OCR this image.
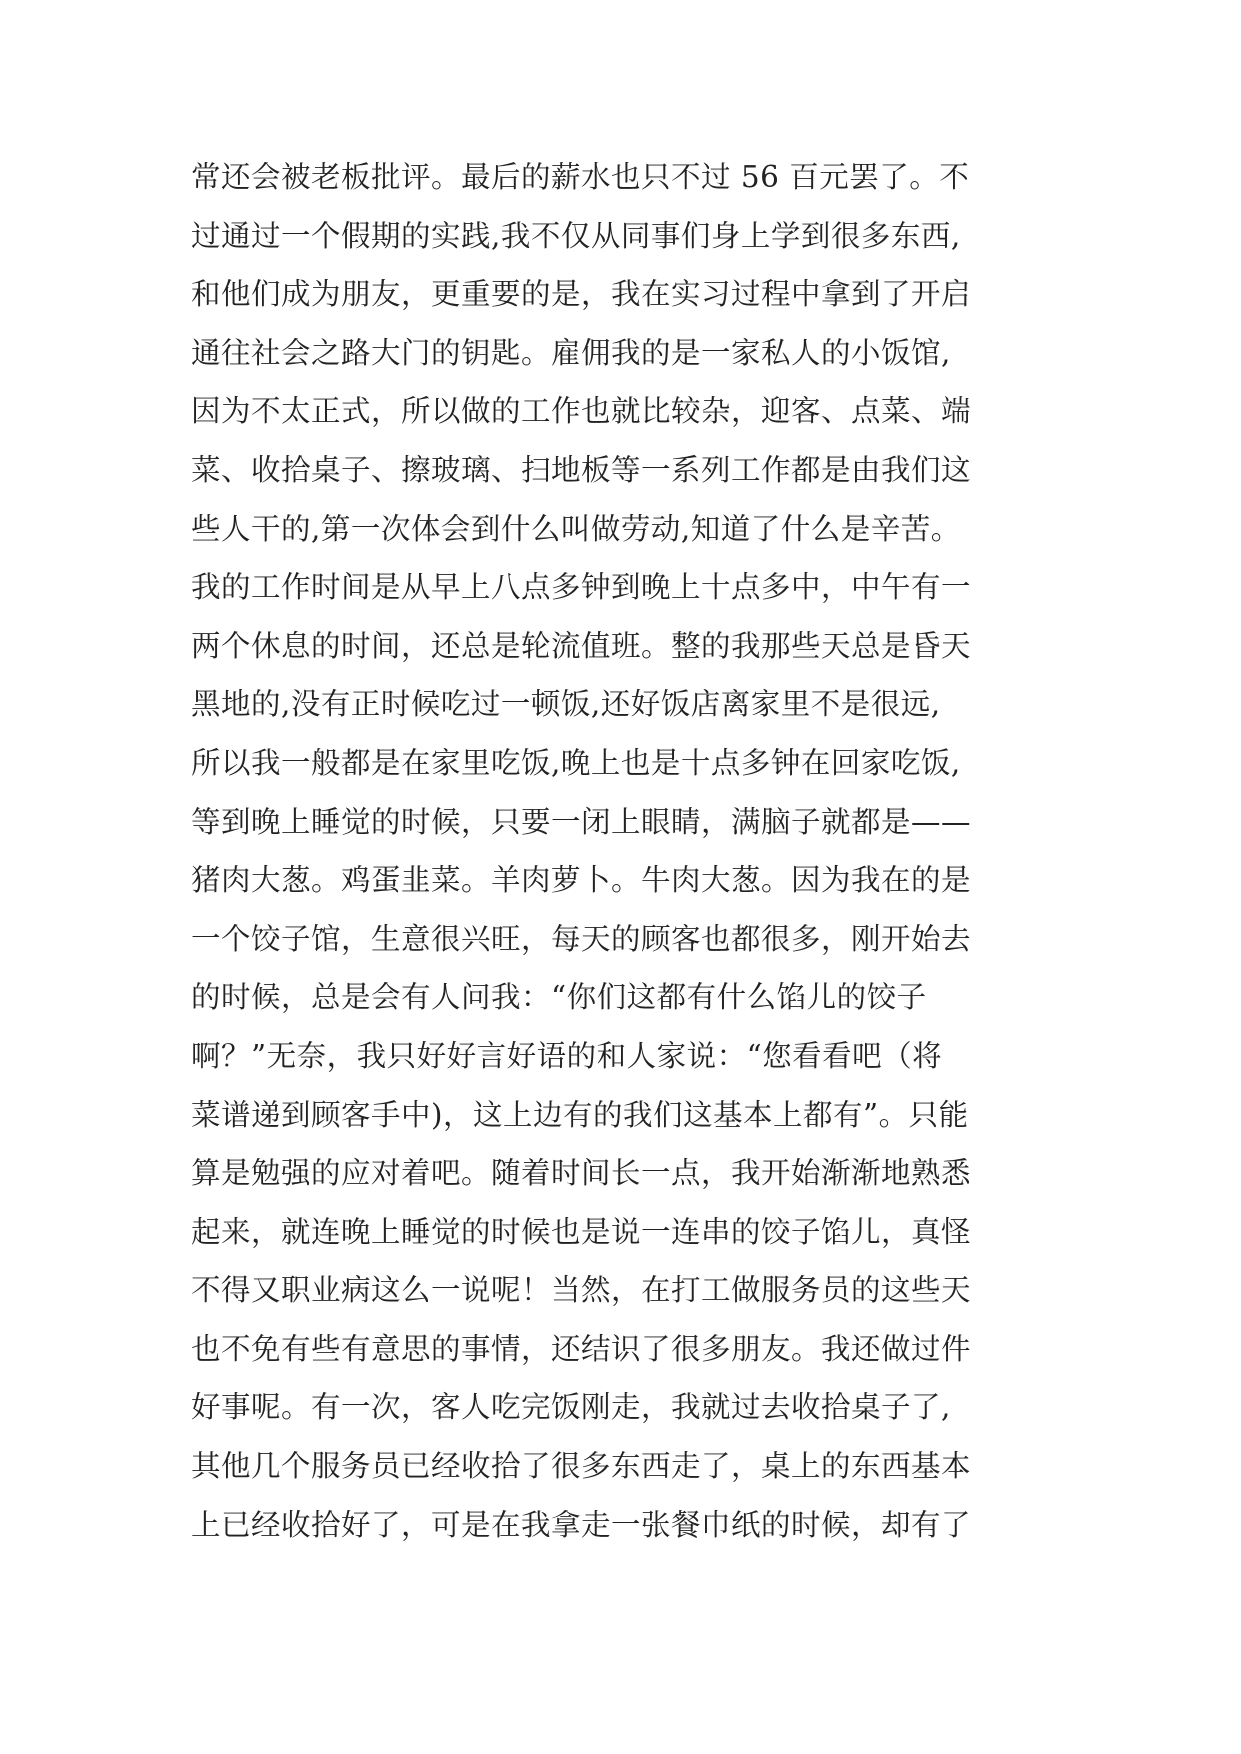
常还会被老板批评。最后的薪水也只不过 56 百元罢了。不
过通过一个假期的实践,我不仅从同事们身上学到很多东西,
和他们成为朋友，更重要的是，我在实习过程中拿到了开启
通往社会之路大门的钥匙。雇佣我的是一家私人的小饭馆,
因为不太正式，所以做的工作也就比较杂，迎客、点菜、端
菜、收拾桌子、擦玻璃、扫地板等一系列工作都是由我们这
些人干的,第一次体会到什么叫做劳动,知道了什么是辛苦。
我的工作时间是从早上八点多钟到晚上十点多中，中午有一
两个休息的时间，还总是轮流值班。整的我那些天总是昏天
黑地的,没有正时候吃过一顿饭,还好饭店离家里不是很远,
所以我一般都是在家里吃饭,晚上也是十点多钟在回家吃饭,
等到晚上睡觉的时候，只要一闭上眼睛，满脑子就都是——
猪肉大葱。鸡蛋韭菜。羊肉萝卜。牛肉大葱。因为我在的是
一个饺子馆，生意很兴旺，每天的顾客也都很多，刚开始去
的时候，总是会有人问我：“你们这都有什么馅儿的饺子
啊？”无奈，我只好好言好语的和人家说：“您看看吧（将
菜谱递到顾客手中)，这上边有的我们这基本上都有”。只能
算是勉强的应对着吧。随着时间长一点，我开始渐渐地熟悉
起来，就连晚上睡觉的时候也是说一连串的饺子馅儿，真怪
不得又职业病这么一说呢！当然，在打工做服务员的这些天
也不免有些有意思的事情，还结识了很多朋友。我还做过件
好事呢。有一次，客人吃完饭刚走，我就过去收拾桌子了,
其他几个服务员已经收拾了很多东西走了，桌上的东西基本
上已经收拾好了，可是在我拿走一张餐巾纸的时候，却有了
